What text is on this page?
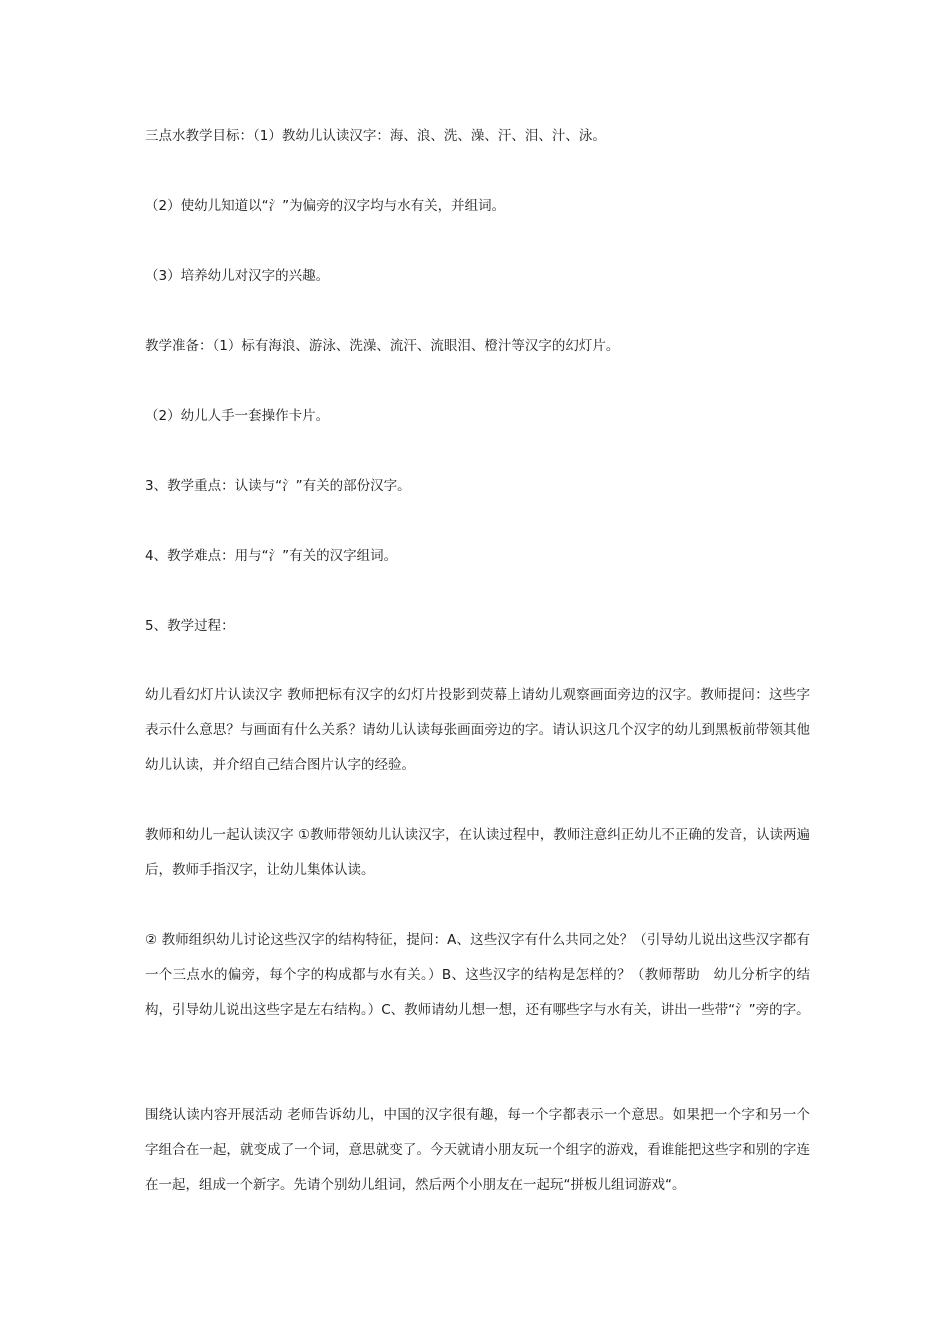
三点水教学目标：（1）教幼儿认读汉字：海、浪、洗、澡、汗、泪、汁、泳。

（2）使幼儿知道以“氵”为偏旁的汉字均与水有关，并组词。

（3）培养幼儿对汉字的兴趣。

教学准备：（1）标有海浪、游泳、洗澡、流汗、流眼泪、橙汁等汉字的幻灯片。

（2）幼儿人手一套操作卡片。

3、教学重点：认读与“氵”有关的部份汉字。

4、教学难点：用与“氵”有关的汉字组词。

5、教学过程：

幼儿看幻灯片认读汉字 教师把标有汉字的幻灯片投影到荧幕上请幼儿观察画面旁边的汉字。教师提问：这些字表示什么意思？与画面有什么关系？请幼儿认读每张画面旁边的字。请认识这几个汉字的幼儿到黑板前带领其他幼儿认读，并介绍自己结合图片认字的经验。

教师和幼儿一起认读汉字 ①教师带领幼儿认读汉字，在认读过程中，教师注意纠正幼儿不正确的发音，认读两遍后，教师手指汉字，让幼儿集体认读。

② 教师组织幼儿讨论这些汉字的结构特征，提问：A、这些汉字有什么共同之处？（引导幼儿说出这些汉字都有一个三点水的偏旁，每个字的构成都与水有关。）B、这些汉字的结构是怎样的？（教师帮助　幼儿分析字的结构，引导幼儿说出这些字是左右结构。）C、教师请幼儿想一想，还有哪些字与水有关，讲出一些带“氵”旁的字。

围绕认读内容开展活动 老师告诉幼儿，中国的汉字很有趣，每一个字都表示一个意思。如果把一个字和另一个字组合在一起，就变成了一个词，意思就变了。今天就请小朋友玩一个组字的游戏，看谁能把这些字和别的字连在一起，组成一个新字。先请个别幼儿组词，然后两个小朋友在一起玩“拼板儿组词游戏“。
